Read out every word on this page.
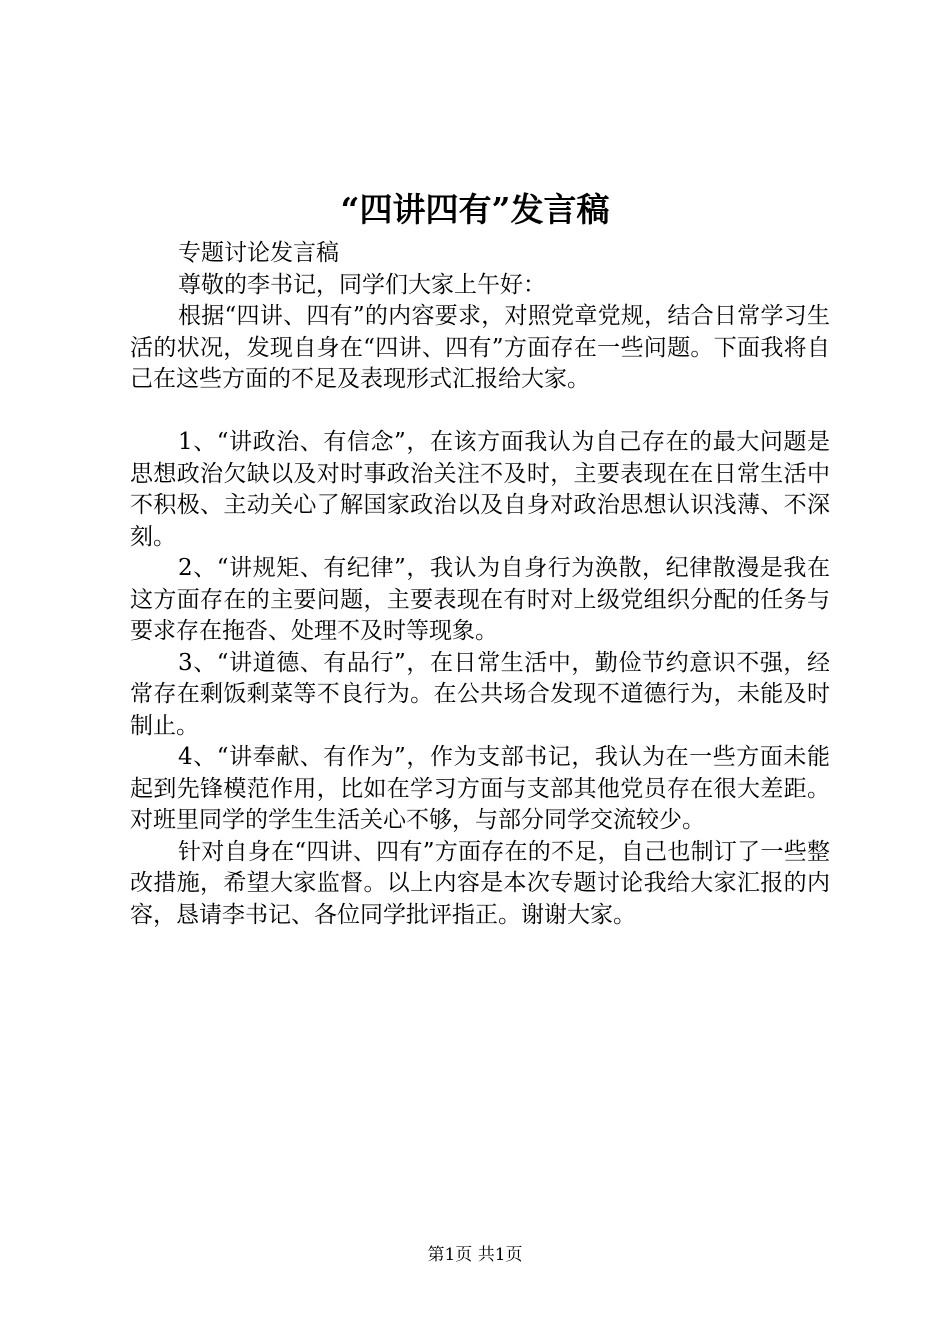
“四讲四有”发言稿

专题讨论发言稿

尊敬的李书记，同学们大家上午好：

根据“四讲、四有”的内容要求，对照党章党规，结合日常学习生活的状况，发现自身在“四讲、四有”方面存在一些问题。下面我将自己在这些方面的不足及表现形式汇报给大家。

1、“讲政治、有信念”，在该方面我认为自己存在的最大问题是思想政治欠缺以及对时事政治关注不及时，主要表现在在日常生活中不积极、主动关心了解国家政治以及自身对政治思想认识浅薄、不深刻。

2、“讲规矩、有纪律”，我认为自身行为涣散，纪律散漫是我在这方面存在的主要问题，主要表现在有时对上级党组织分配的任务与要求存在拖沓、处理不及时等现象。

3、“讲道德、有品行”，在日常生活中，勤俭节约意识不强，经常存在剩饭剩菜等不良行为。在公共场合发现不道德行为，未能及时制止。

4、“讲奉献、有作为”，作为支部书记，我认为在一些方面未能起到先锋模范作用，比如在学习方面与支部其他党员存在很大差距。对班里同学的学生生活关心不够，与部分同学交流较少。

针对自身在“四讲、四有”方面存在的不足，自己也制订了一些整改措施，希望大家监督。以上内容是本次专题讨论我给大家汇报的内容，恳请李书记、各位同学批评指正。谢谢大家。

第1页 共1页
